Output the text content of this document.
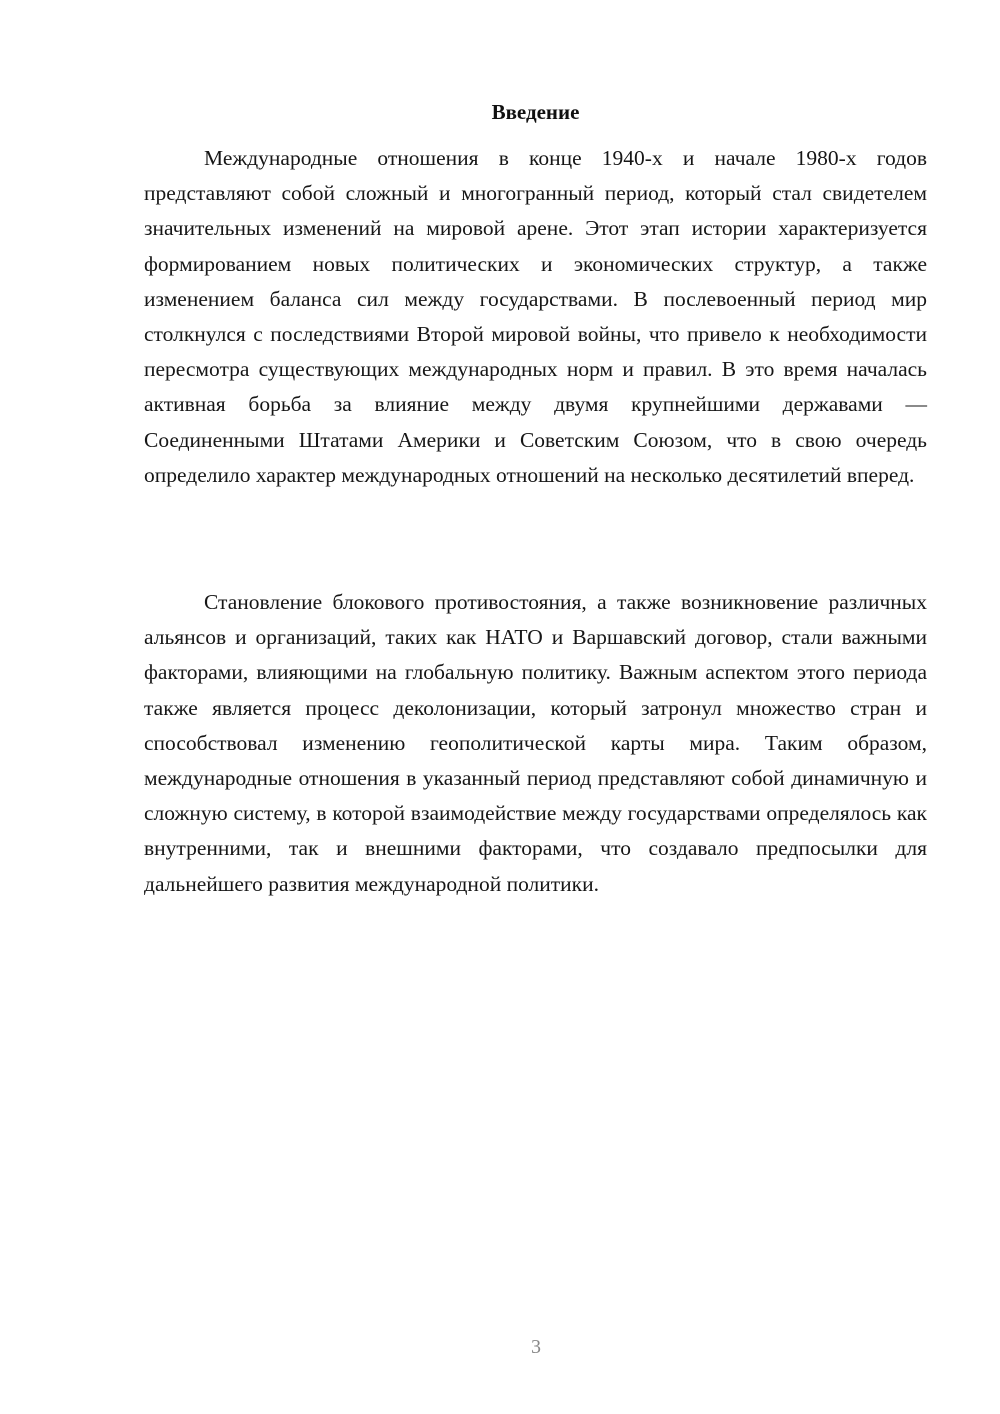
Введение

Международные отношения в конце 1940-х и начале 1980-х годов представляют собой сложный и многогранный период, который стал свидетелем значительных изменений на мировой арене. Этот этап истории характеризуется формированием новых политических и экономических структур, а также изменением баланса сил между государствами. В послевоенный период мир столкнулся с последствиями Второй мировой войны, что привело к необходимости пересмотра существующих международных норм и правил. В это время началась активная борьба за влияние между двумя крупнейшими державами — Соединенными Штатами Америки и Советским Союзом, что в свою очередь определило характер международных отношений на несколько десятилетий вперед.

Становление блокового противостояния, а также возникновение различных альянсов и организаций, таких как НАТО и Варшавский договор, стали важными факторами, влияющими на глобальную политику. Важным аспектом этого периода также является процесс деколонизации, который затронул множество стран и способствовал изменению геополитической карты мира. Таким образом, международные отношения в указанный период представляют собой динамичную и сложную систему, в которой взаимодействие между государствами определялось как внутренними, так и внешними факторами, что создавало предпосылки для дальнейшего развития международной политики.

3
